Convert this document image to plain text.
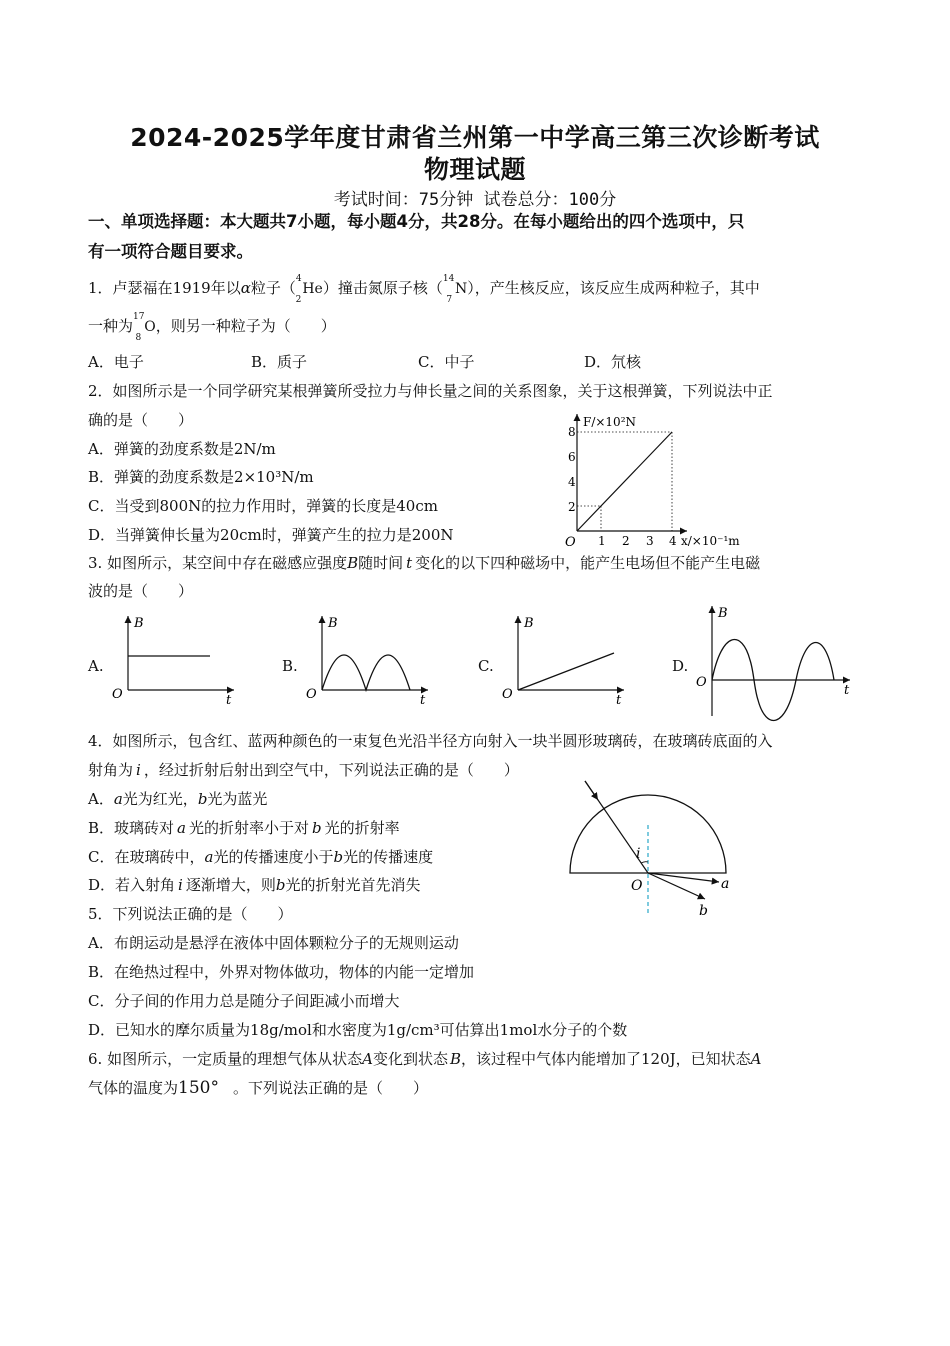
2024-2025学年度甘肃省兰州第一中学高三第三次诊断考试
物理试题
考试时间：75分钟 试卷总分：100分
一、单项选择题：本大题共7小题，每小题4分，共28分。在每小题给出的四个选项中，只
有一项符合题目要求。
1．卢瑟福在1919年以α粒子（$^4_2$He）撞击氮原子核（$^{14}_7$N），产生核反应，该反应生成两种粒子，其中
一种为$^{17}_8$O，则另一种粒子为（　　）
A．电子	B．质子	C．中子	D．氘核
2．如图所示是一个同学研究某根弹簧所受拉力与伸长量之间的关系图象，关于这根弹簧，下列说法中正
确的是（　　）
A．弹簧的劲度系数是2N/m
B．弹簧的劲度系数是2×10³N/m
C．当受到800N的拉力作用时，弹簧的长度是40cm
D．当弹簧伸长量为20cm时，弹簧产生的拉力是200N
F/×10²N
8
6
4
2
O 1 2 3 4 x/×10⁻¹m
3. 如图所示，某空间中存在磁感应强度B随时间 t 变化的以下四种磁场中，能产生电场但不能产生电磁
波的是（　　）
A.
B
t
O
B.
B
t
O
C.
B
t
O
D.
B
t
O
4．如图所示，包含红、蓝两种颜色的一束复色光沿半径方向射入一块半圆形玻璃砖，在玻璃砖底面的入
射角为 i ，经过折射后射出到空气中，下列说法正确的是（　　）
A．a光为红光，b光为蓝光
B．玻璃砖对 a 光的折射率小于对 b 光的折射率
C．在玻璃砖中，a光的传播速度小于b光的传播速度
D．若入射角 i 逐渐增大，则b光的折射光首先消失
i
O	a
b
5．下列说法正确的是（　　）
A．布朗运动是悬浮在液体中固体颗粒分子的无规则运动
B．在绝热过程中，外界对物体做功，物体的内能一定增加
C．分子间的作用力总是随分子间距减小而增大
D．已知水的摩尔质量为18g/mol和水密度为1g/cm³可估算出1mol水分子的个数
6. 如图所示，一定质量的理想气体从状态A变化到状态 B，该过程中气体内能增加了120J，已知状态A
气体的温度为150° 。下列说法正确的是（　　）
